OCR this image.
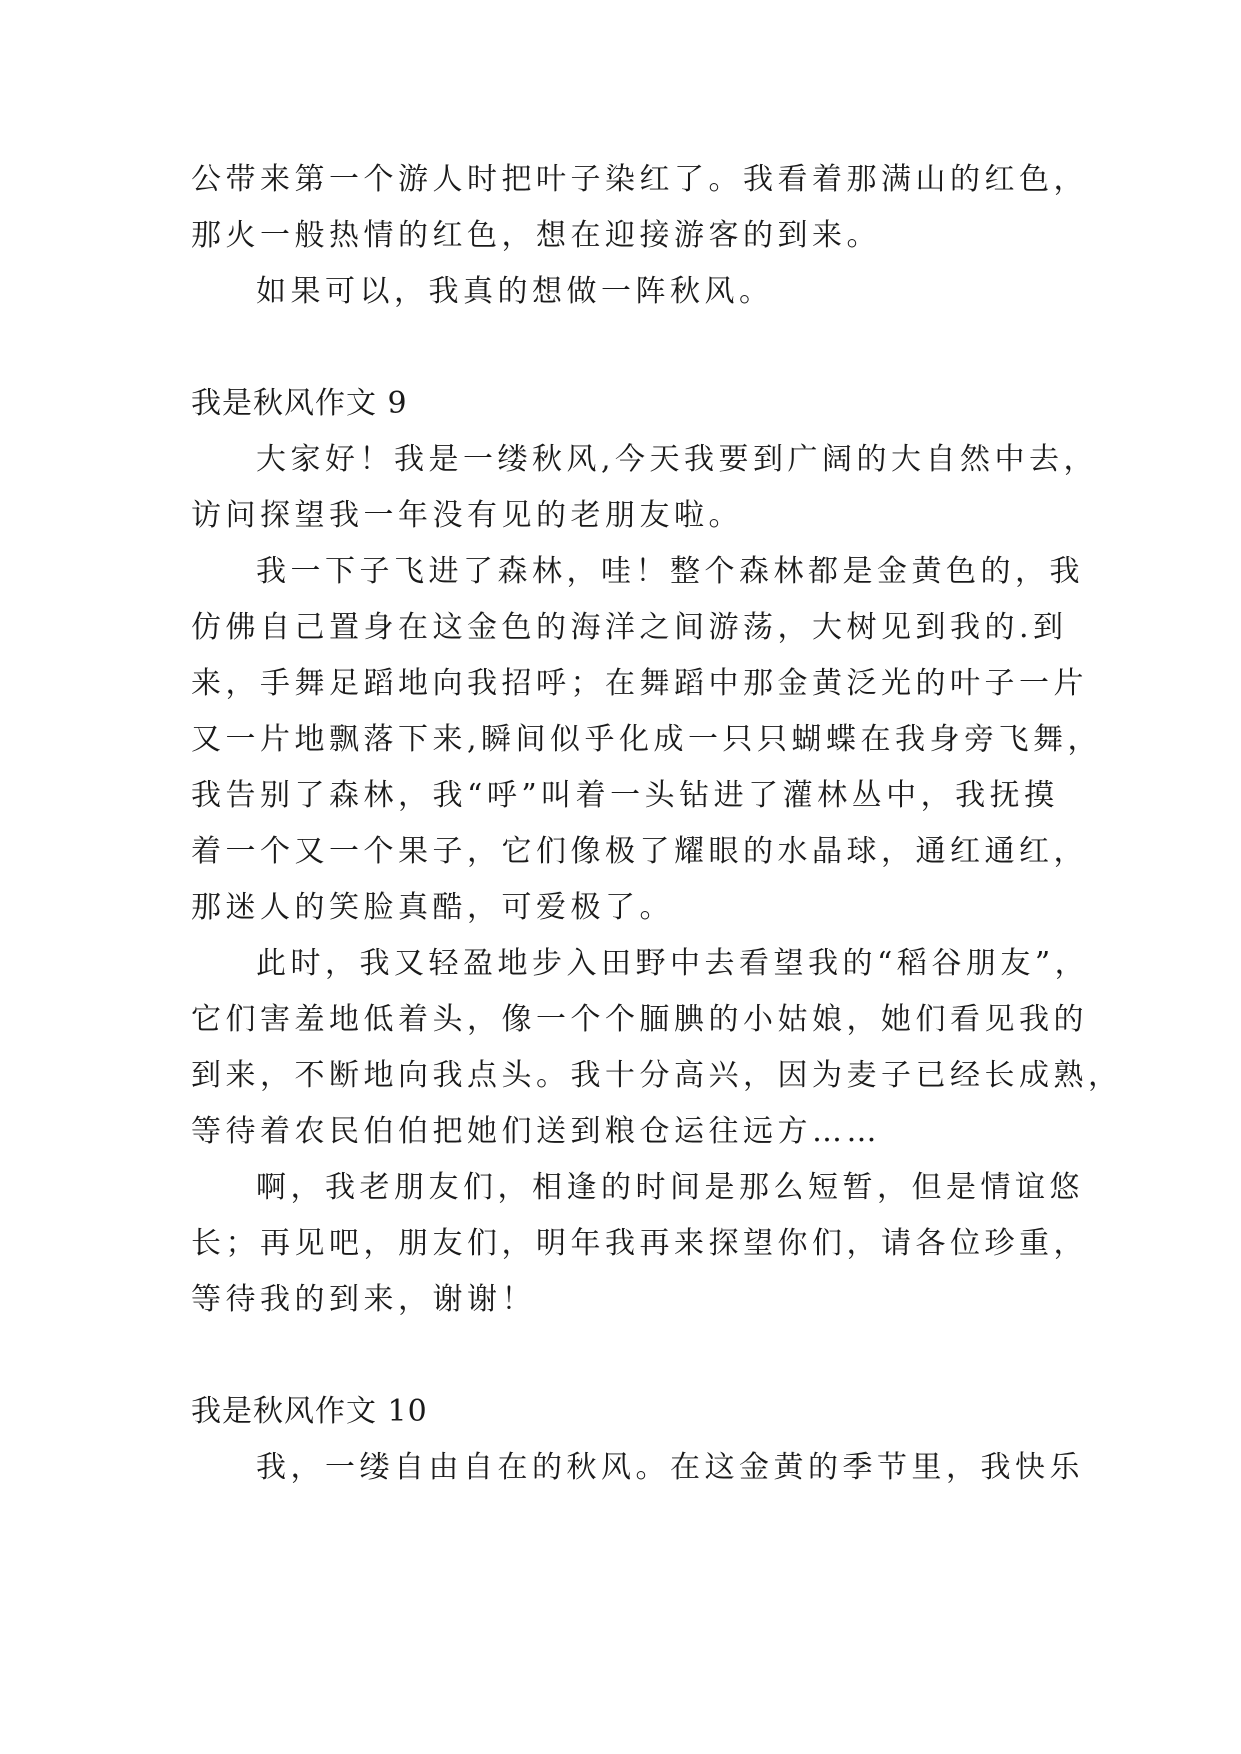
公带来第一个游人时把叶子染红了。我看着那满山的红色，
那火一般热情的红色，想在迎接游客的到来。
如果可以，我真的想做一阵秋风。
我是秋风作文 9
大家好！我是一缕秋风,今天我要到广阔的大自然中去，
访问探望我一年没有见的老朋友啦。
我一下子飞进了森林，哇！整个森林都是金黄色的，我
仿佛自己置身在这金色的海洋之间游荡，大树见到我的.到
来，手舞足蹈地向我招呼；在舞蹈中那金黄泛光的叶子一片
又一片地飘落下来,瞬间似乎化成一只只蝴蝶在我身旁飞舞，
我告别了森林，我“呼”叫着一头钻进了灌林丛中，我抚摸
着一个又一个果子，它们像极了耀眼的水晶球，通红通红，
那迷人的笑脸真酷，可爱极了。
此时，我又轻盈地步入田野中去看望我的“稻谷朋友”，
它们害羞地低着头，像一个个腼腆的小姑娘，她们看见我的
到来，不断地向我点头。我十分高兴，因为麦子已经长成熟，
等待着农民伯伯把她们送到粮仓运往远方……
啊，我老朋友们，相逢的时间是那么短暂，但是情谊悠
长；再见吧，朋友们，明年我再来探望你们，请各位珍重，
等待我的到来，谢谢！
我是秋风作文 10
我，一缕自由自在的秋风。在这金黄的季节里，我快乐
